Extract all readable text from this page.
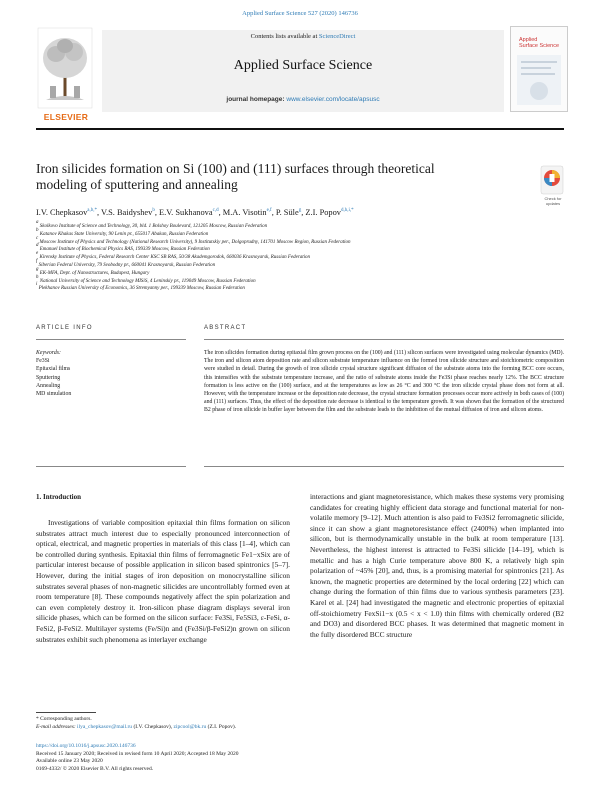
Applied Surface Science 527 (2020) 146736
ELSEVIER
Contents lists available at ScienceDirect
Applied Surface Science
journal homepage: www.elsevier.com/locate/apsusc
Applied
Surface Science
Iron silicides formation on Si (100) and (111) surfaces through theoretical
modeling of sputtering and annealing
Check for
updates
I.V. Chepkasov$^{a,b,*}$, V.S. Baidyshev$^b$, E.V. Sukhanova$^{c,d}$, M.A. Visotin$^{e,f}$, P. Süle$^g$, Z.I. Popov$^{d,h,i,*}$
$^a$ Skolkovo Institute of Science and Technology, 30, bld. 1 Bolshoy Boulevard, 121205 Moscow, Russian Federation
$^b$ Katanov Khakas State University, 90 Lenin pr., 655017 Abakan, Russian Federation
$^c$ Moscow Institute of Physics and Technology (National Research University), 9 Institutskiy per., Dolgoprudny, 141701 Moscow Region, Russian Federation
$^d$ Emanuel Institute of Biochemical Physics RAS, 199339 Moscow, Russian Federation
$^e$ Kirensky Institute of Physics, Federal Research Center KSC SB RAS, 50/38 Akademgorodok, 660036 Krasnoyarsk, Russian Federation
$^f$ Siberian Federal University, 79 Svobodny pr., 660041 Krasnoyarsk, Russian Federation
$^g$ EK-MFA, Dept. of Nanostructures, Budapest, Hungary
$^h$ National University of Science and Technology MISiS, 4 Leninskiy pr., 119049 Moscow, Russian Federation
$^i$ Plekhanov Russian University of Economics, 36 Stremyanny per., 199339 Moscow, Russian Federation
ARTICLE INFO	ABSTRACT
Keywords:
Fe3Si
Epitaxial films
Sputtering
Annealing
MD simulation
The iron silicides formation during epitaxial film grown process on the (100) and (111) silicon surfaces were investigated using molecular dynamics (MD). The iron and silicon atom deposition rate and silicon substrate temperature influence on the formed iron silicide structure and stoichiometric composition were studied in detail. During the growth of iron silicide crystal structure significant diffusion of the substrate atoms into the forming BCC core occurs, this intensifies with the substrate temperature increase, and the ratio of substrate atoms inside the Fe3Si phase reaches nearly 12%. The BCC structure formation is less active on the (100) surface, and at the temperatures as low as 26 °C and 300 °C the iron silicide crystal phase does not form at all. However, with the temperature increase or the deposition rate decrease, the crystal structure formation processes occur more actively in both cases of (100) and (111) surfaces. Thus, the effect of the deposition rate decrease is identical to the temperature growth. It was shown that the formation of the structured B2 phase of iron silicide in buffer layer between the film and the substrate leads to the inhibition of the mutual diffusion of iron and silicon atoms.
1. Introduction
Investigations of variable composition epitaxial thin films formation on silicon substrates attract much interest due to especially pronounced interconnection of optical, electrical, and magnetic properties in materials of this class [1–4], which can be controlled during synthesis. Epitaxial thin films of ferromagnetic Fe1−xSix are of particular interest because of possible application in silicon based spintronics [5–7]. However, during the initial stages of iron deposition on monocrystalline silicon substrates several phases of non-magnetic silicides are uncontrollably formed even at room temperature [8]. These compounds negatively affect the spin polarization and can even completely destroy it. Iron-silicon phase diagram displays several iron silicide phases, which can be formed on the silicon surface: Fe3Si, Fe5Si3, ε-FeSi, α-FeSi2, β-FeSi2. Multilayer systems (Fe/Si)n and (Fe3Si/β-FeSi2)n grown on silicon substrates exhibit such phenomena as interlayer exchange
interactions and giant magnetoresistance, which makes these systems very promising candidates for creating highly efficient data storage and functional material for non-volatile memory [9–12]. Much attention is also paid to Fe3Si2 ferromagnetic silicide, since it can show a giant magnetoresistance effect (2400%) when implanted into silicon, but is thermodynamically unstable in the bulk at room temperature [13]. Nevertheless, the highest interest is attracted to Fe3Si silicide [14–19], which is metallic and has a high Curie temperature above 800 K, a relatively high spin polarization of ~45% [20], and, thus, is a promising material for spintronics [21]. As known, the magnetic properties are determined by the local ordering [22] which can change during the formation of thin films due to various synthesis parameters [23]. Karel et al. [24] had investigated the magnetic and electronic properties of epitaxial off-stoichiometry FexSi1−x (0.5 < x < 1.0) thin films with chemically ordered (B2 and DO3) and disordered BCC phases. It was determined that magnetic moment in the fully disordered BCC structure
* Corresponding authors.
E-mail addresses: ilya_chepkasov@mail.ru (I.V. Chepkasov), zipcool@bk.ru (Z.I. Popov).
https://doi.org/10.1016/j.apsusc.2020.146736
Received 15 January 2020; Received in revised form 10 April 2020; Accepted 18 May 2020
Available online 23 May 2020
0169-4332/ © 2020 Elsevier B.V. All rights reserved.
